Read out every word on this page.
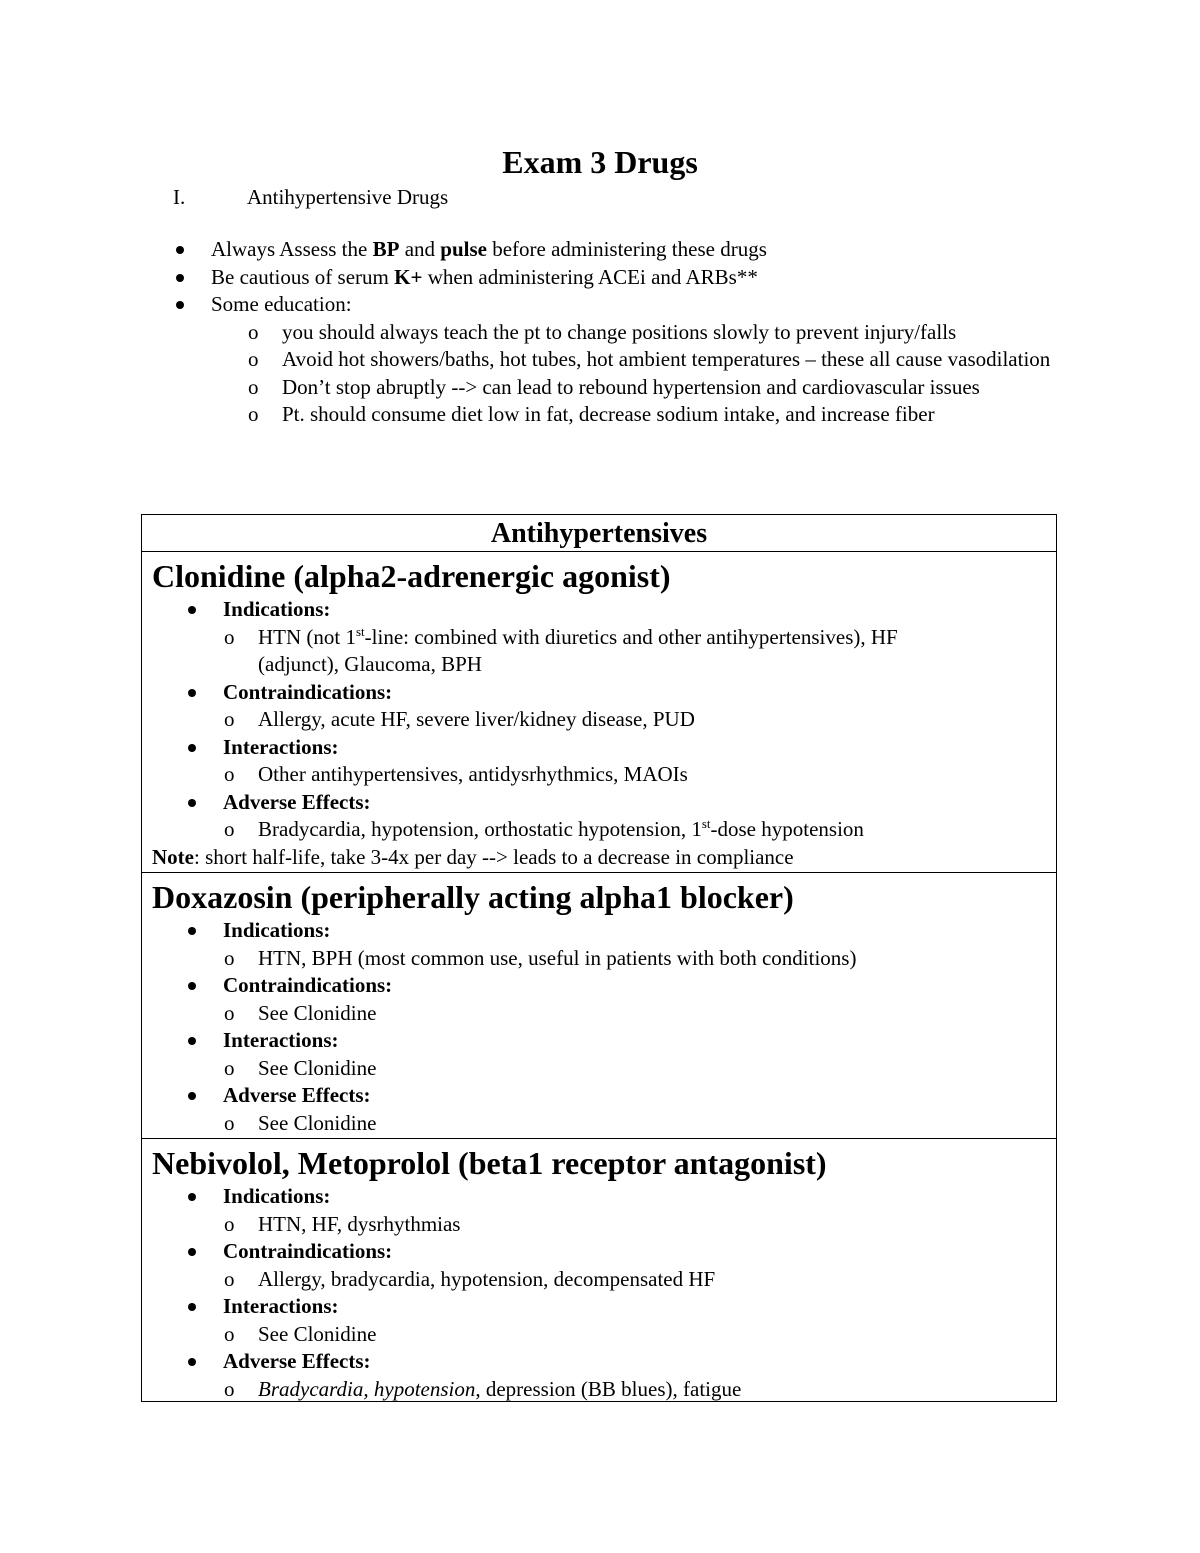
Exam 3 Drugs
I.	Antihypertensive Drugs
Always Assess the BP and pulse before administering these drugs
Be cautious of serum K+ when administering ACEi and ARBs**
Some education:
o you should always teach the pt to change positions slowly to prevent injury/falls
o Avoid hot showers/baths, hot tubes, hot ambient temperatures – these all cause vasodilation
o Don’t stop abruptly --> can lead to rebound hypertension and cardiovascular issues
o Pt. should consume diet low in fat, decrease sodium intake, and increase fiber
Antihypertensives
Clonidine (alpha2-adrenergic agonist)
Indications:
o HTN (not 1st-line: combined with diuretics and other antihypertensives), HF (adjunct), Glaucoma, BPH
Contraindications:
o Allergy, acute HF, severe liver/kidney disease, PUD
Interactions:
o Other antihypertensives, antidysrhythmics, MAOIs
Adverse Effects:
o Bradycardia, hypotension, orthostatic hypotension, 1st-dose hypotension
Note: short half-life, take 3-4x per day --> leads to a decrease in compliance
Doxazosin (peripherally acting alpha1 blocker)
Indications:
o HTN, BPH (most common use, useful in patients with both conditions)
Contraindications:
o See Clonidine
Interactions:
o See Clonidine
Adverse Effects:
o See Clonidine
Nebivolol, Metoprolol (beta1 receptor antagonist)
Indications:
o HTN, HF, dysrhythmias
Contraindications:
o Allergy, bradycardia, hypotension, decompensated HF
Interactions:
o See Clonidine
Adverse Effects:
o Bradycardia, hypotension, depression (BB blues), fatigue
